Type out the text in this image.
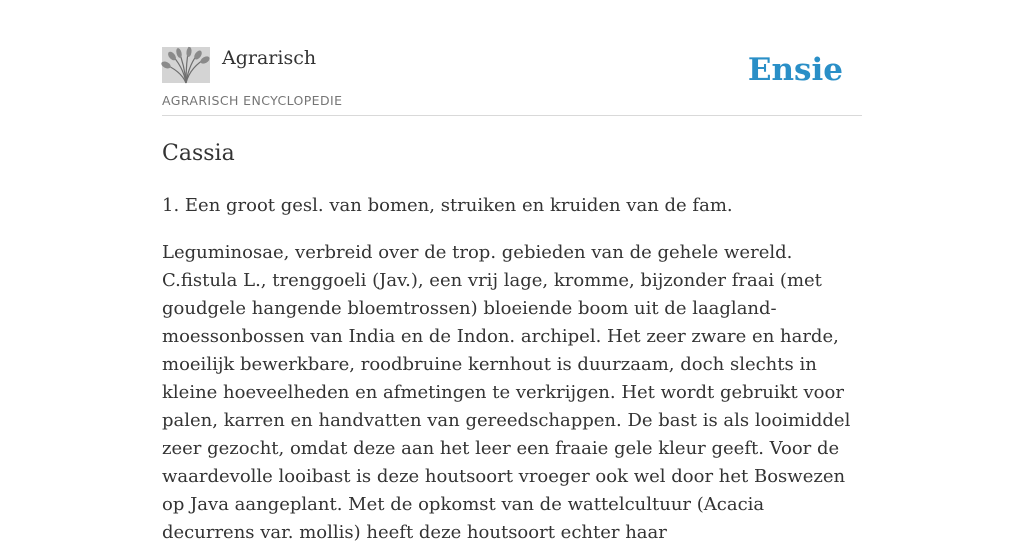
Agrarisch
AGRARISCH ENCYCLOPEDIE
Ensie
Cassia

1. Een groot gesl. van bomen, struiken en kruiden van de fam.

Leguminosae, verbreid over de trop. gebieden van de gehele wereld. C.fistula L., trenggoeli (Jav.), een vrij lage, kromme, bijzonder fraai (met goudgele hangende bloemtrossen) bloeiende boom uit de laagland-moessonbossen van India en de Indon. archipel. Het zeer zware en harde, moeilijk bewerkbare, roodbruine kernhout is duurzaam, doch slechts in kleine hoeveelheden en afmetingen te verkrijgen. Het wordt gebruikt voor palen, karren en handvatten van gereedschappen. De bast is als looimiddel zeer gezocht, omdat deze aan het leer een fraaie gele kleur geeft. Voor de waardevolle looibast is deze houtsoort vroeger ook wel door het Boswezen op Java aangeplant. Met de opkomst van de wattelcultuur (Acacia decurrens var. mollis) heeft deze houtsoort echter haar
